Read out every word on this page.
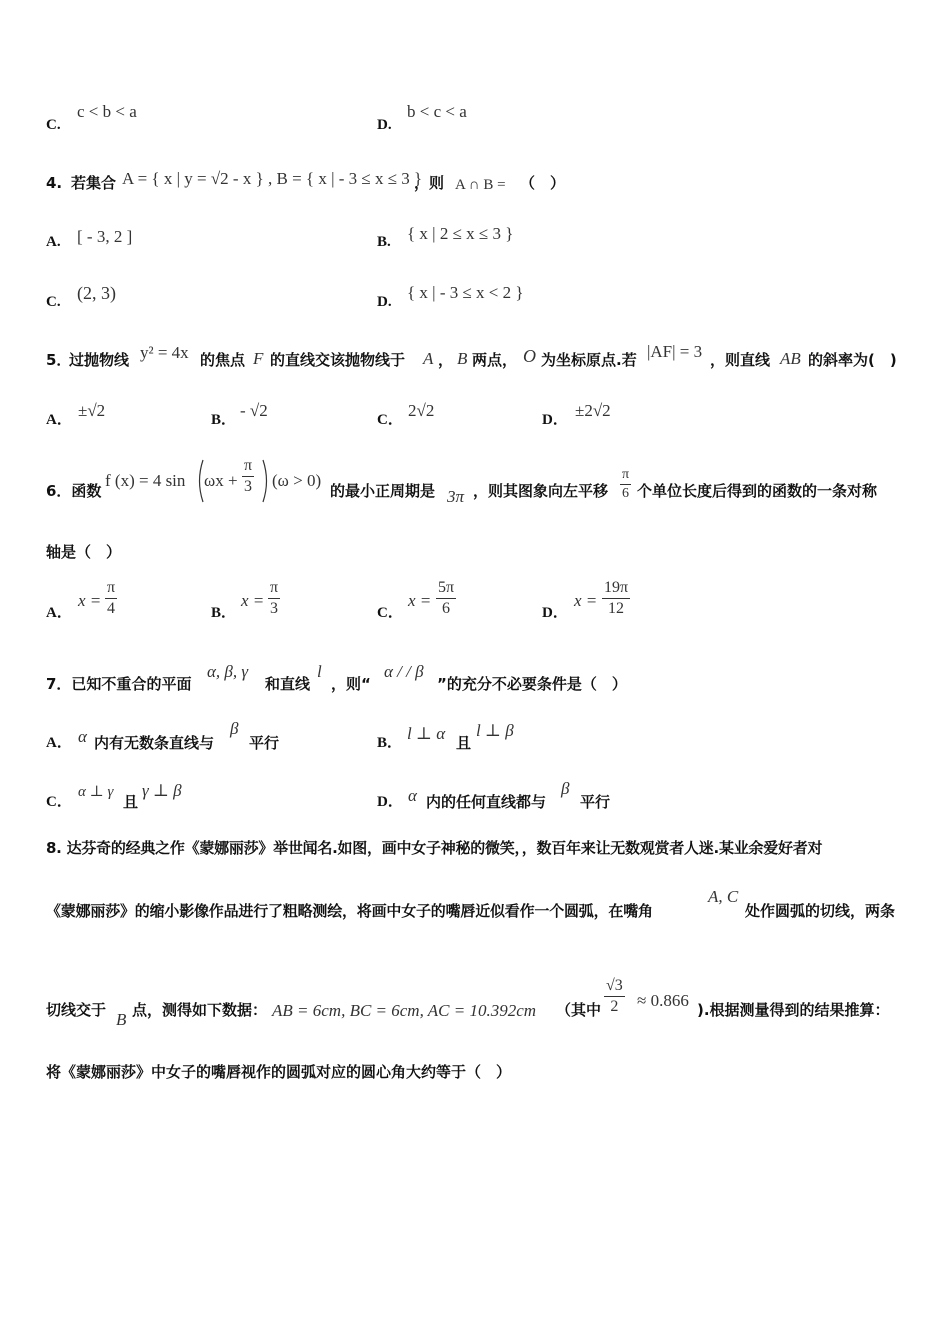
C.
c < b < a
D.
b < c < a
4. 若集合 A = { x | y = √2 - x } , B = { x | - 3 ≤ x ≤ 3 }
，则 A ∩ B = （　）
A. [ - 3, 2 ]	B. { x | 2 ≤ x ≤ 3 }
C. (2, 3)	D. { x | - 3 ≤ x < 2 }
5．
过抛物线 y² = 4x 的焦点 F 的直线交该抛物线于 A ， B 两点， O 为坐标原点.若 |AF| = 3 ，则直线 AB 的斜率为(　)
A． ±√2	B． - √2	C． 2√2	D． ±2√2
6．函数
f (x) = 4 $\sin \omega x + \frac{\pi}{3} (\omega > 0)$
的最小正周期是 3π ，则其图象向左平移 $\frac{\pi}{6}$ 个单位长度后得到的函数的一条对称
轴是（　）
A．
$x = \frac{\pi}{4}$	B．
$x = \frac{\pi}{3}$	C．
$x = \frac{5\pi}{6}$	D．
$x = \frac{19\pi}{12}$
7．已知不重合的平面
α, β, γ
和直线
l
，则“
α / / β
”的充分不必要条件是（　）
A． α 内有无数条直线与
β
平行	B． l ⊥ α 且
l ⊥ β
C．
α ⊥ γ
且
γ ⊥ β
D． α 内的任何直线都与
β
平行
8. 达芬奇的经典之作《蒙娜丽莎》举世闻名.如图，画中女子神秘的微笑，，数百年来让无数观赏者人迷.某业余爱好者对
《蒙娜丽莎》的缩小影像作品进行了粗略测绘，将画中女子的嘴唇近似看作一个圆弧，在嘴角
A, C
处作圆弧的切线，两条
切线交于 B 点，测得如下数据： AB = 6cm, BC = 6cm, AC = 10.392cm （其中 $\frac{√3}{2} \approx 0.866$ ).根据测量得到的结果推算：
将《蒙娜丽莎》中女子的嘴唇视作的圆弧对应的圆心角大约等于（　）
